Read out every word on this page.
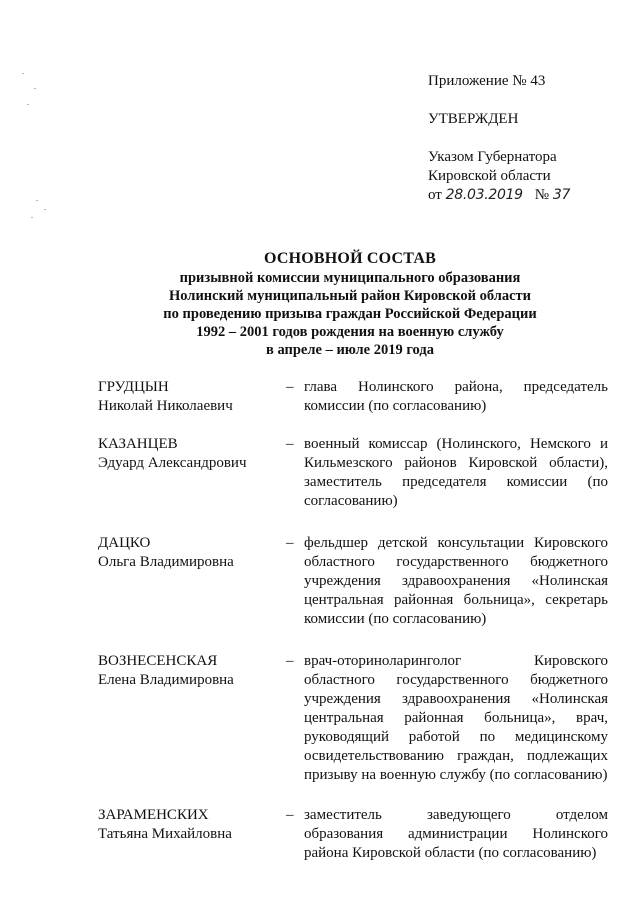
Приложение № 43
УТВЕРЖДЕН
Указом Губернатора
Кировской области
от 28.03.2019 № 37
ОСНОВНОЙ СОСТАВ
призывной комиссии муниципального образования
Нолинский муниципальный район Кировской области
по проведению призыва граждан Российской Федерации
1992 – 2001 годов рождения на военную службу
в апреле – июле 2019 года
ГРУДЦЫН
Николай Николаевич
– глава Нолинского района, председатель комиссии (по согласованию)
КАЗАНЦЕВ
Эдуард Александрович
– военный комиссар (Нолинского, Немского и Кильмезского районов Кировской области), заместитель председателя комиссии (по согласованию)
ДАЦКО
Ольга Владимировна
– фельдшер детской консультации Кировского областного государственного бюджетного учреждения здравоохранения «Нолинская центральная районная больница», секретарь комиссии (по согласованию)
ВОЗНЕСЕНСКАЯ
Елена Владимировна
– врач-оториноларинголог Кировского областного государственного бюджетного учреждения здравоохранения «Нолинская центральная районная больница», врач, руководящий работой по медицинскому освидетельствованию граждан, подлежащих призыву на военную службу (по согласованию)
ЗАРАМЕНСКИХ
Татьяна Михайловна
– заместитель заведующего отделом образования администрации Нолинского района Кировской области (по согласованию)
